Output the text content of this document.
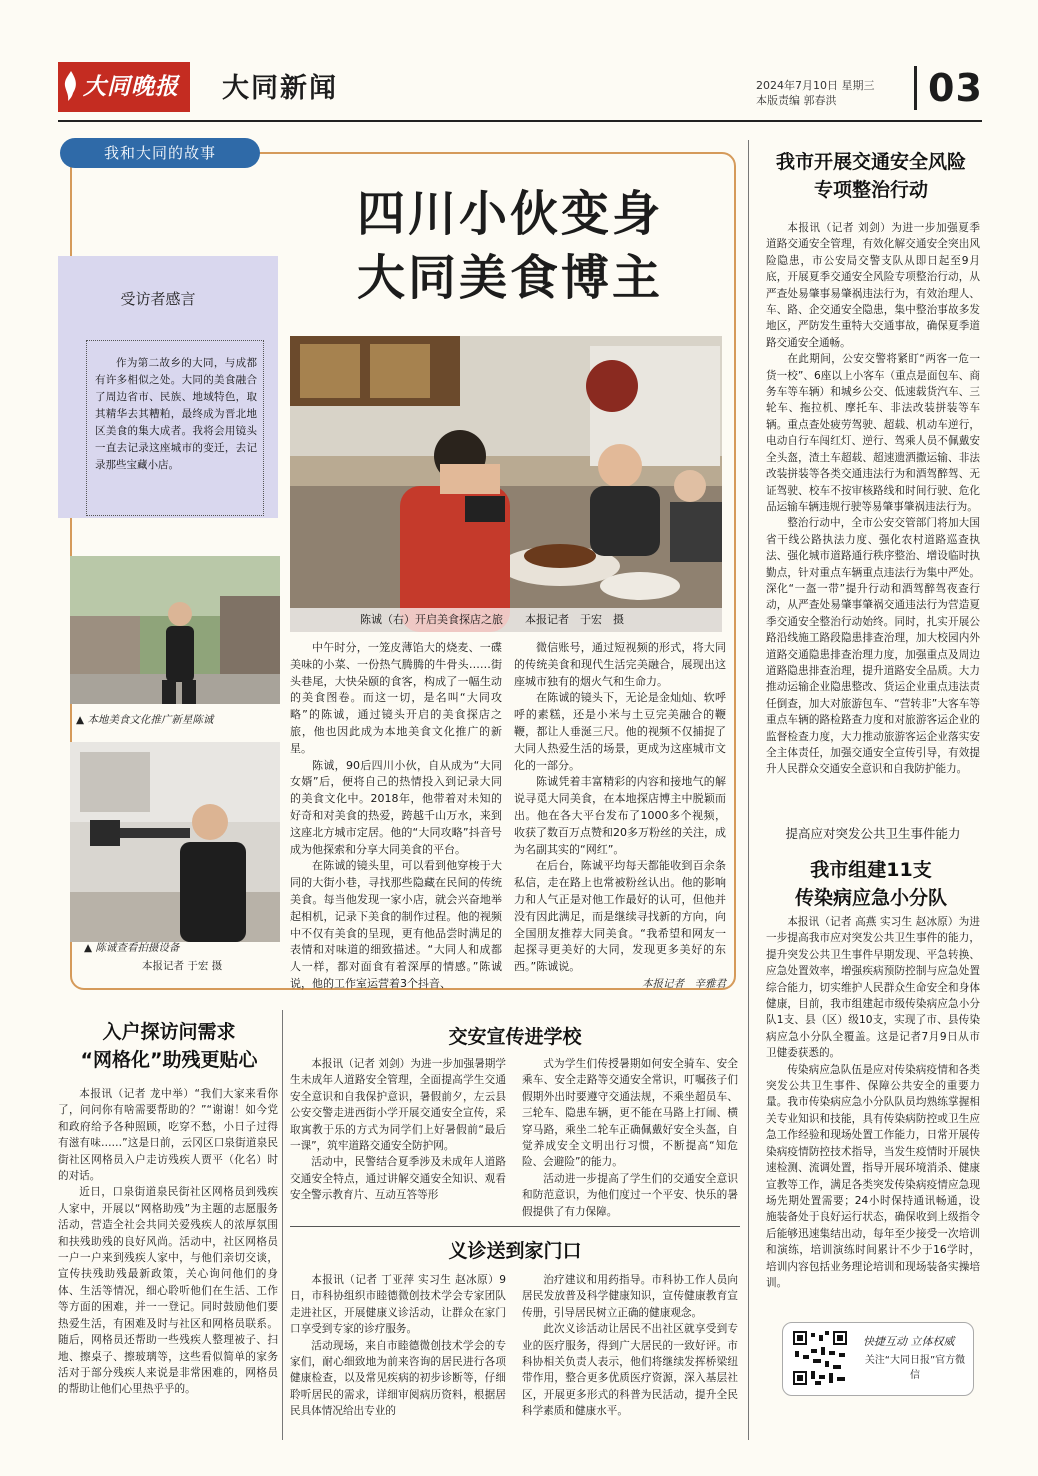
大同晚报	大同新闻	2024年7月10日 星期三
本版责编 郭春洪	03
我和大同的故事
四川小伙变身
大同美食博主
受访者感言
作为第二故乡的大同，与成都有许多相似之处。大同的美食融合了周边省市、民族、地域特色，取其精华去其糟粕，最终成为晋北地区美食的集大成者。我将会用镜头一直去记录这座城市的变迁，去记录那些宝藏小店。
陈诚（右）开启美食探店之旅　　本报记者　于宏　摄
▲ 本地美食文化推广新星陈诚
▲ 陈诚查看拍摄设备
本报记者 于宏 摄

中午时分，一笼皮薄馅大的烧麦、一碟美味的小菜、一份热气腾腾的牛骨头……街头巷尾，大快朵颐的食客，构成了一幅生动的美食图卷。而这一切，是名叫“大同攻略”的陈诚，通过镜头开启的美食探店之旅，他也因此成为本地美食文化推广的新星。

陈诚，90后四川小伙，自从成为“大同女婿”后，便将自己的热情投入到记录大同的美食文化中。2018年，他带着对未知的好奇和对美食的热爱，跨越千山万水，来到这座北方城市定居。他的“大同攻略”抖音号成为他探索和分享大同美食的平台。

在陈诚的镜头里，可以看到他穿梭于大同的大街小巷，寻找那些隐藏在民间的传统美食。每当他发现一家小店，就会兴奋地举起相机，记录下美食的制作过程。他的视频中不仅有美食的呈现，更有他品尝时满足的表情和对味道的细致描述。“大同人和成都人一样，都对面食有着深厚的情感。”陈诚说，他的工作室运营着3个抖音、

微信账号，通过短视频的形式，将大同的传统美食和现代生活完美融合，展现出这座城市独有的烟火气和生命力。

在陈诚的镜头下，无论是金灿灿、软呼呼的素糕，还是小米与土豆完美融合的鞭鞭，都让人垂涎三尺。他的视频不仅捕捉了大同人热爱生活的场景，更成为这座城市文化的一部分。

陈诚凭着丰富精彩的内容和接地气的解说寻觅大同美食，在本地探店博主中脱颖而出。他在各大平台发布了1000多个视频，收获了数百万点赞和20多万粉丝的关注，成为名副其实的“网红”。

在后台，陈诚平均每天都能收到百余条私信，走在路上也常被粉丝认出。他的影响力和人气正是对他工作最好的认可，但他并没有因此满足，而是继续寻找新的方向，向全国朋友推荐大同美食。“我希望和网友一起探寻更美好的大同，发现更多美好的东西。”陈诚说。

本报记者　辛雅君
我市开展交通安全风险
专项整治行动

本报讯（记者 刘剑）为进一步加强夏季道路交通安全管理，有效化解交通安全突出风险隐患，市公安局交警支队从即日起至9月底，开展夏季交通安全风险专项整治行动，从严查处易肇事易肇祸违法行为，有效治理人、车、路、企交通安全隐患，集中整治事故多发地区，严防发生重特大交通事故，确保夏季道路交通安全通畅。

在此期间，公安交警将紧盯“两客一危一货一校”、6座以上小客车（重点是面包车、商务车等车辆）和城乡公交、低速载货汽车、三轮车、拖拉机、摩托车、非法改装拼装等车辆。重点查处疲劳驾驶、超载、机动车逆行，电动自行车闯红灯、逆行、驾乘人员不佩戴安全头盔，渣土车超载、超速遗洒撒运输、非法改装拼装等各类交通违法行为和酒驾醉驾、无证驾驶、校车不按审核路线和时间行驶、危化品运输车辆违规行驶等易肇事肇祸违法行为。

整治行动中，全市公安交管部门将加大国省干线公路执法力度、强化农村道路巡查执法、强化城市道路通行秩序整治、增设临时执勤点，针对重点车辆重点违法行为集中严处。深化“一盔一带”提升行动和酒驾醉驾夜查行动，从严查处易肇事肇祸交通违法行为营造夏季交通安全整治行动始终。同时，扎实开展公路沿线施工路段隐患排查治理，加大校园内外道路交通隐患排查治理力度，加强重点及周边道路隐患排查治理，提升道路安全品质。大力推动运输企业隐患整改、货运企业重点违法责任倒查，加大对旅游包车、“营转非”大客车等重点车辆的路检路查力度和对旅游客运企业的监督检查力度，大力推动旅游客运企业落实安全主体责任，加强交通安全宣传引导，有效提升人民群众交通安全意识和自我防护能力。

提高应对突发公共卫生事件能力
我市组建11支
传染病应急小分队

本报讯（记者 高燕 实习生 赵冰原）为进一步提高我市应对突发公共卫生事件的能力，提升突发公共卫生事件早期发现、平急转换、应急处置效率，增强疾病预防控制与应急处置综合能力，切实维护人民群众生命安全和身体健康，目前，我市组建起市级传染病应急小分队1支、县（区）级10支，实现了市、县传染病应急小分队全覆盖。这是记者7月9日从市卫健委获悉的。

传染病应急队伍是应对传染病疫情和各类突发公共卫生事件、保障公共安全的重要力量。我市传染病应急小分队队员均熟练掌握相关专业知识和技能，具有传染病防控或卫生应急工作经验和现场处置工作能力，日常开展传染病疫情防控技术指导，当发生疫情时开展快速检测、流调处置，指导开展环境消杀、健康宣教等工作，满足各类突发传染病疫情应急现场先期处置需要；24小时保持通讯畅通，设施装备处于良好运行状态，确保收到上级指令后能够迅速集结出动，每年至少接受一次培训和演练，培训演练时间累计不少于16学时，培训内容包括业务理论培训和现场装备实操培训。

快捷互动 立体权威
关注“大同日报”官方微信
入户探访问需求
“网格化”助残更贴心

本报讯（记者 龙中举）“我们大家来看你了，问问你有啥需要帮助的？”“谢谢！如今党和政府给予各种照顾，吃穿不愁，小日子过得有滋有味……”这是日前，云冈区口泉街道泉民街社区网格员入户走访残疾人贾平（化名）时的对话。

近日，口泉街道泉民街社区网格员到残疾人家中，开展以“网格助残”为主题的志愿服务活动，营造全社会共同关爱残疾人的浓厚氛围和扶残助残的良好风尚。活动中，社区网格员一户一户来到残疾人家中，与他们亲切交谈，宣传扶残助残最新政策，关心询问他们的身体、生活等情况，细心聆听他们在生活、工作等方面的困难，并一一登记。同时鼓励他们要热爱生活，有困难及时与社区和网格员联系。随后，网格员还帮助一些残疾人整理被子、扫地、擦桌子、擦玻璃等，这些看似简单的家务活对于部分残疾人来说是非常困难的，网格员的帮助让他们心里热乎乎的。

交安宣传进学校

本报讯（记者 刘剑）为进一步加强暑期学生未成年人道路安全管理，全面提高学生交通安全意识和自我保护意识，暑假前夕，左云县公安交警走进西街小学开展交通安全宣传，采取寓教于乐的方式为同学们上好暑假前“最后一课”，筑牢道路交通安全防护网。

活动中，民警结合夏季涉及未成年人道路交通安全特点，通过讲解交通安全知识、观看安全警示教育片、互动互答等形

式为学生们传授暑期如何安全骑车、安全乘车、安全走路等交通安全常识，叮嘱孩子们假期外出时要遵守交通法规，不乘坐超员车、三轮车、隐患车辆，更不能在马路上打闹、横穿马路，乘坐二轮车正确佩戴好安全头盔，自觉养成安全文明出行习惯，不断提高“知危险、会避险”的能力。

活动进一步提高了学生们的交通安全意识和防范意识，为他们度过一个平安、快乐的暑假提供了有力保障。

义诊送到家门口

本报讯（记者 丁亚萍 实习生 赵冰原）9日，市科协组织市睦德微创技术学会专家团队走进社区，开展健康义诊活动，让群众在家门口享受到专家的诊疗服务。

活动现场，来自市睦德微创技术学会的专家们，耐心细致地为前来咨询的居民进行各项健康检查，以及常见疾病的初步诊断等，仔细聆听居民的需求，详细审阅病历资料，根据居民具体情况给出专业的

治疗建议和用药指导。市科协工作人员向居民发放普及科学健康知识，宣传健康教育宣传册，引导居民树立正确的健康观念。

此次义诊活动让居民不出社区就享受到专业的医疗服务，得到广大居民的一致好评。市科协相关负责人表示，他们将继续发挥桥梁纽带作用，整合更多优质医疗资源，深入基层社区，开展更多形式的科普为民活动，提升全民科学素质和健康水平。
